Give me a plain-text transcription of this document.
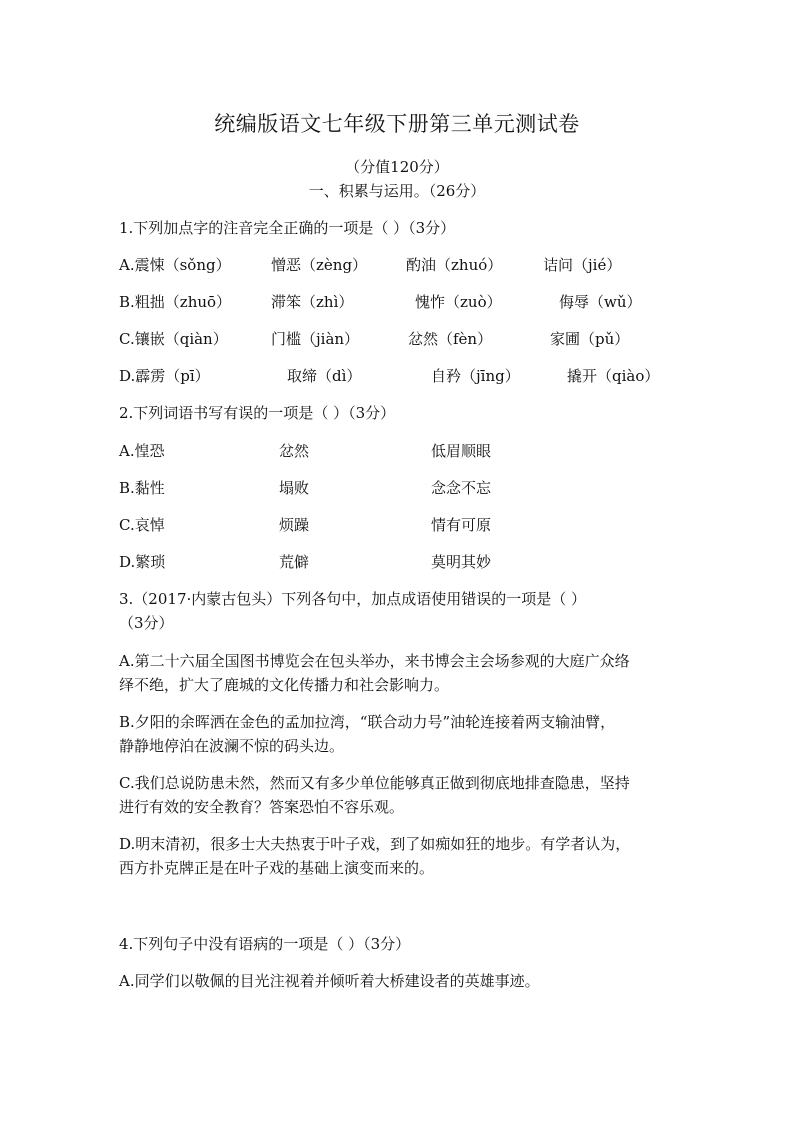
统编版语文七年级下册第三单元测试卷
（分值120分）
一、积累与运用。（26分）
1.下列加点字的注音完全正确的一项是（ ）（3分）
A.震悚（sǒng）	憎恶（zèng）	酌油（zhuó）	诘问（jié）
B.粗拙（zhuō）	滞笨（zhì）	愧怍（zuò）	侮辱（wǔ）
C.镶嵌（qiàn）	门槛（jiàn）	忿然（fèn）	家圃（pǔ）
D.霹雳（pī）	取缔（dì）	自矜（jīng）	撬开（qiào）
2.下列词语书写有误的一项是（ ）（3分）
A.惶恐	忿然	低眉顺眼
B.黏性	塌败	念念不忘
C.哀悼	烦躁	情有可原
D.繁琐	荒僻	莫明其妙
3.（2017·内蒙古包头）下列各句中，加点成语使用错误的一项是（ ）
（3分）
A.第二十六届全国图书博览会在包头举办，来书博会主会场参观的大庭广众络
绎不绝，扩大了鹿城的文化传播力和社会影响力。
B.夕阳的余晖洒在金色的孟加拉湾，“联合动力号”油轮连接着两支输油臂，
静静地停泊在波澜不惊的码头边。
C.我们总说防患未然，然而又有多少单位能够真正做到彻底地排查隐患，坚持
进行有效的安全教育？答案恐怕不容乐观。
D.明末清初，很多士大夫热衷于叶子戏，到了如痴如狂的地步。有学者认为，
西方扑克牌正是在叶子戏的基础上演变而来的。
4.下列句子中没有语病的一项是（ ）（3分）
A.同学们以敬佩的目光注视着并倾听着大桥建设者的英雄事迹。
